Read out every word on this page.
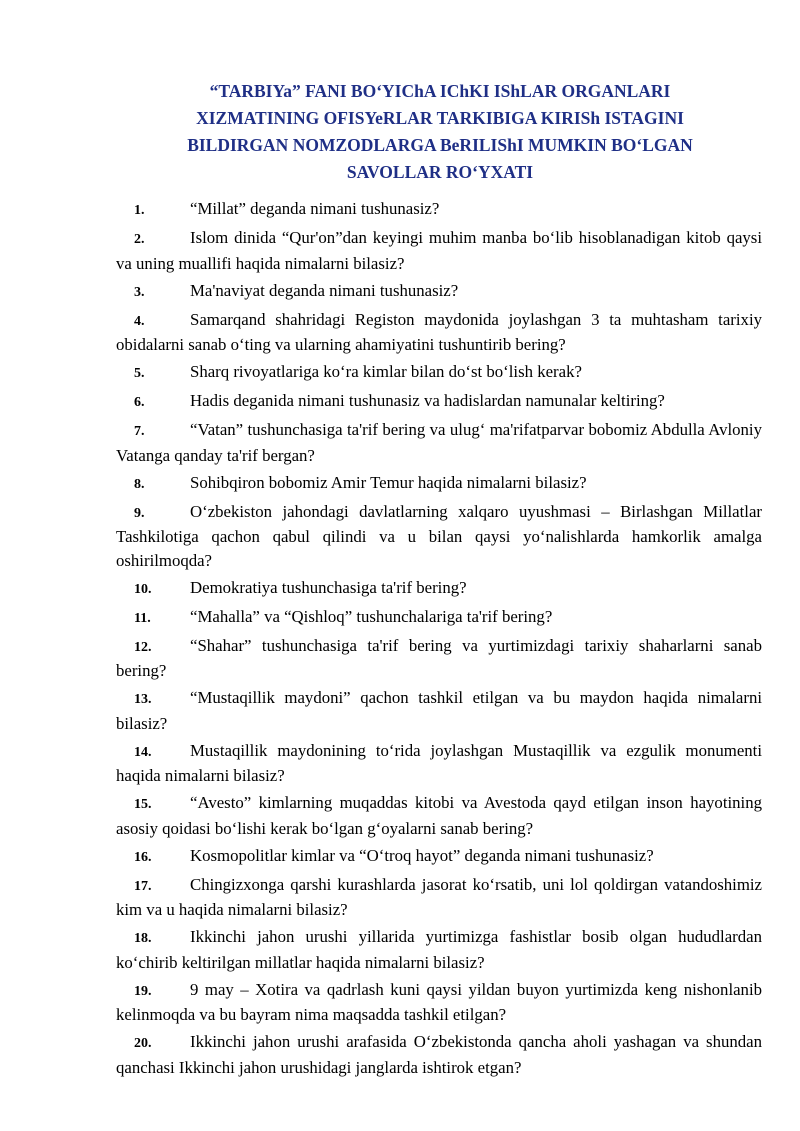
“TARBIYa” FANI BO‘YIChA IChKI IShLAR ORGANLARI
XIZMATINING OFISYeRLAR TARKIBIGA KIRISh ISTAGINI
BILDIRGAN NOMZODLARGA BeRILIShI MUMKIN BO‘LGAN
SAVOLLAR RO‘YXATI
1.	“Millat” deganda nimani tushunasiz?
2.	Islom dinida “Qur'on”dan keyingi muhim manba bo‘lib hisoblanadigan kitob qaysi va uning muallifi haqida nimalarni bilasiz?
3.	Ma'naviyat deganda nimani tushunasiz?
4.	Samarqand shahridagi Registon maydonida joylashgan 3 ta muhtasham tarixiy obidalarni sanab o‘ting va ularning ahamiyatini tushuntirib bering?
5.	Sharq rivoyatlariga ko‘ra kimlar bilan do‘st bo‘lish kerak?
6.	Hadis deganida nimani tushunasiz va hadislardan namunalar keltiring?
7.	“Vatan” tushunchasiga ta'rif bering va ulug‘ ma'rifatparvar bobomiz Abdulla Avloniy Vatanga qanday ta'rif bergan?
8.	Sohibqiron bobomiz Amir Temur haqida nimalarni bilasiz?
9.	O‘zbekiston jahondagi davlatlarning xalqaro uyushmasi – Birlashgan Millatlar Tashkilotiga qachon qabul qilindi va u bilan qaysi yo‘nalishlarda hamkorlik amalga oshirilmoqda?
10. Demokratiya tushunchasiga ta'rif bering?
11. “Mahalla” va “Qishloq” tushunchalariga ta'rif bering?
12. “Shahar” tushunchasiga ta'rif bering va yurtimizdagi tarixiy shaharlarni sanab bering?
13. “Mustaqillik maydoni” qachon tashkil etilgan va bu maydon haqida nimalarni bilasiz?
14. Mustaqillik maydonining to‘rida joylashgan Mustaqillik va ezgulik monumenti haqida nimalarni bilasiz?
15. “Avesto” kimlarning muqaddas kitobi va Avestoda qayd etilgan inson hayotining asosiy qoidasi bo‘lishi kerak bo‘lgan g‘oyalarni sanab bering?
16. Kosmopolitlar kimlar va “O‘troq hayot” deganda nimani tushunasiz?
17. Chingizxonga qarshi kurashlarda jasorat ko‘rsatib, uni lol qoldirgan vatandoshimiz kim va u haqida nimalarni bilasiz?
18. Ikkinchi jahon urushi yillarida yurtimizga fashistlar bosib olgan hududlardan ko‘chirib keltirilgan millatlar haqida nimalarni bilasiz?
19. 9 may – Xotira va qadrlash kuni qaysi yildan buyon yurtimizda keng nishonlanib kelinmoqda va bu bayram nima maqsadda tashkil etilgan?
20. Ikkinchi jahon urushi arafasida O‘zbekistonda qancha aholi yashagan va shundan qanchasi Ikkinchi jahon urushidagi janglarda ishtirok etgan?
